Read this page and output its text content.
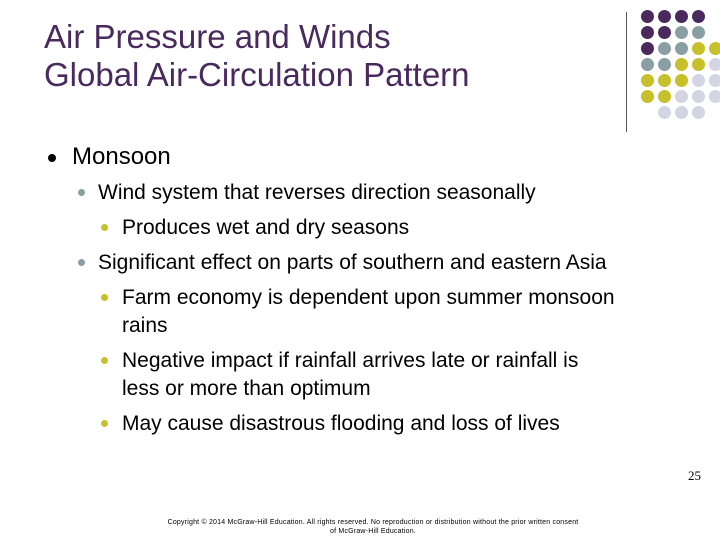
Air Pressure and Winds
Global Air-Circulation Pattern
Monsoon
Wind system that reverses direction seasonally
Produces wet and dry seasons
Significant effect on parts of southern and eastern Asia
Farm economy is dependent upon summer monsoon
rains
Negative impact if rainfall arrives late or rainfall is
less or more than optimum
May cause disastrous flooding and loss of lives
25
Copyright © 2014 McGraw-Hill Education. All rights reserved. No reproduction or distribution without the prior written consent
of McGraw-Hill Education.
